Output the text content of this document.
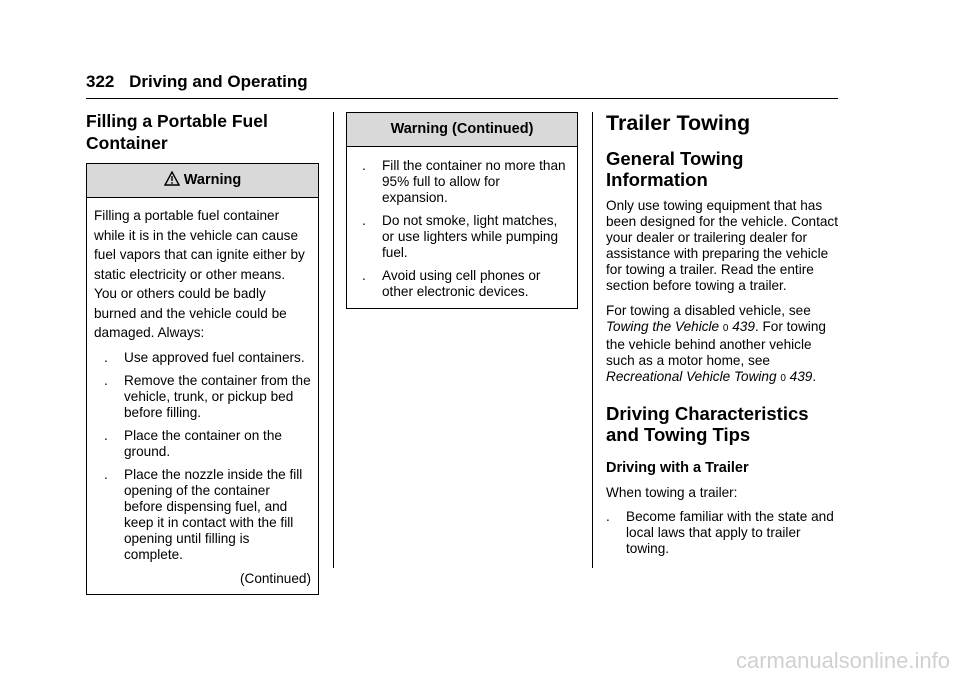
322 Driving and Operating
Filling a Portable Fuel Container
Warning

Filling a portable fuel container while it is in the vehicle can cause fuel vapors that can ignite either by static electricity or other means. You or others could be badly burned and the vehicle could be damaged. Always:

.	Use approved fuel containers.
.	Remove the container from the vehicle, trunk, or pickup bed before filling.
.	Place the container on the ground.
.	Place the nozzle inside the fill opening of the container before dispensing fuel, and keep it in contact with the fill opening until filling is complete.
(Continued)
Warning (Continued)
.	Fill the container no more than 95% full to allow for expansion.
.	Do not smoke, light matches, or use lighters while pumping fuel.
.	Avoid using cell phones or other electronic devices.
Trailer Towing
General Towing Information

Only use towing equipment that has been designed for the vehicle. Contact your dealer or trailering dealer for assistance with preparing the vehicle for towing a trailer. Read the entire section before towing a trailer.

For towing a disabled vehicle, see
Towing the Vehicle 0 439. For towing the vehicle behind another vehicle such as a motor home, see Recreational Vehicle Towing 0 439.

Driving Characteristics and Towing Tips
Driving with a Trailer

When towing a trailer:

.	Become familiar with the state and local laws that apply to trailer towing.
carmanualsonline.info
